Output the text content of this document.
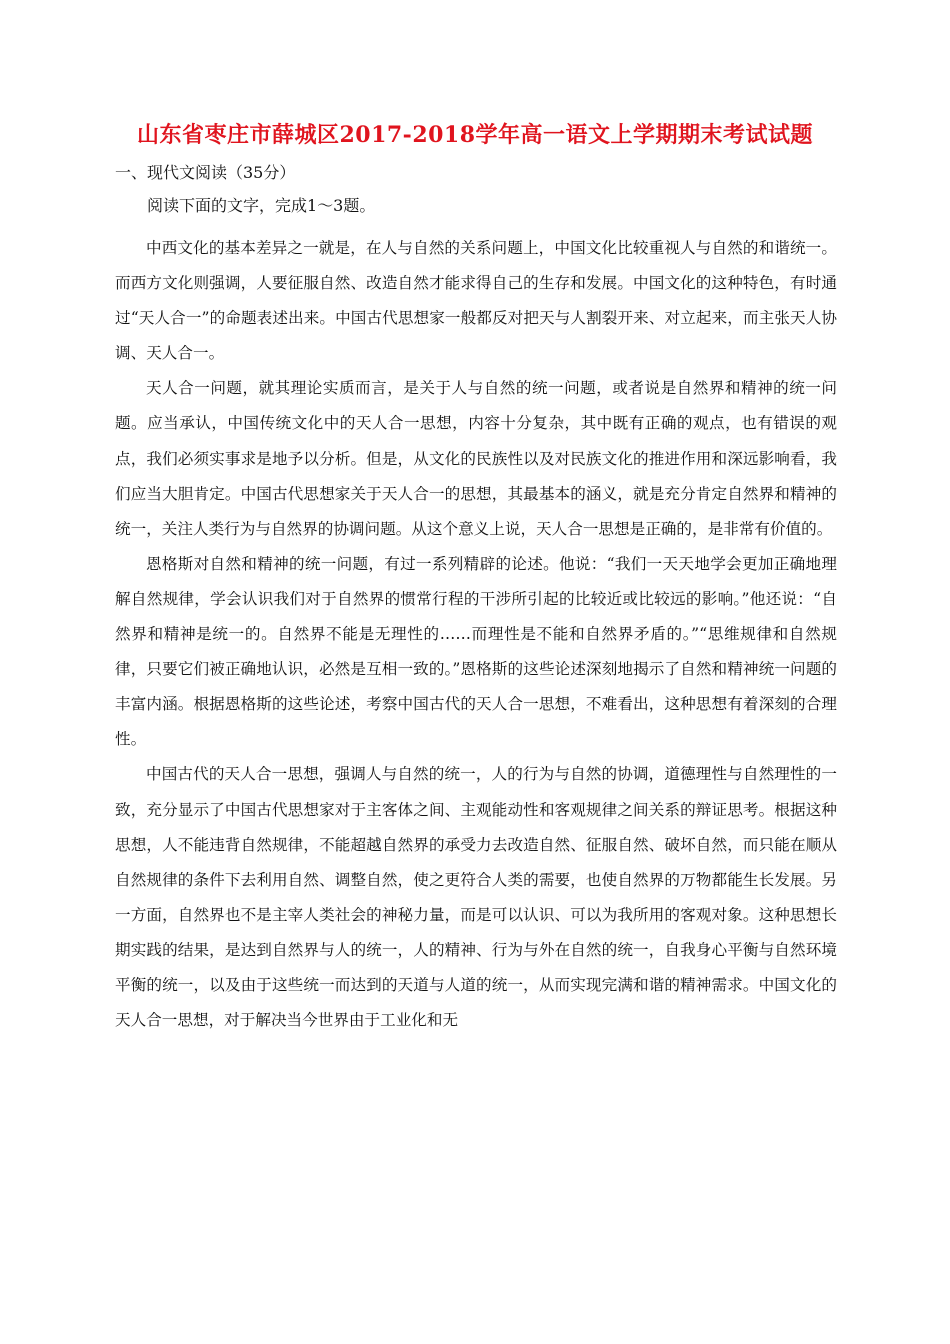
山东省枣庄市薛城区2017-2018学年高一语文上学期期末考试试题
一、现代文阅读（35分）
阅读下面的文字，完成1～3题。

中西文化的基本差异之一就是，在人与自然的关系问题上，中国文化比较重视人与自然的和谐统一。而西方文化则强调，人要征服自然、改造自然才能求得自己的生存和发展。中国文化的这种特色，有时通过“天人合一”的命题表述出来。中国古代思想家一般都反对把天与人割裂开来、对立起来，而主张天人协调、天人合一。

天人合一问题，就其理论实质而言，是关于人与自然的统一问题，或者说是自然界和精神的统一问题。应当承认，中国传统文化中的天人合一思想，内容十分复杂，其中既有正确的观点，也有错误的观点，我们必须实事求是地予以分析。但是，从文化的民族性以及对民族文化的推进作用和深远影响看，我们应当大胆肯定。中国古代思想家关于天人合一的思想，其最基本的涵义，就是充分肯定自然界和精神的统一，关注人类行为与自然界的协调问题。从这个意义上说，天人合一思想是正确的，是非常有价值的。

恩格斯对自然和精神的统一问题，有过一系列精辟的论述。他说：“我们一天天地学会更加正确地理解自然规律，学会认识我们对于自然界的惯常行程的干涉所引起的比较近或比较远的影响。”他还说：“自然界和精神是统一的。自然界不能是无理性的……而理性是不能和自然界矛盾的。”“思维规律和自然规律，只要它们被正确地认识，必然是互相一致的。”恩格斯的这些论述深刻地揭示了自然和精神统一问题的丰富内涵。根据恩格斯的这些论述，考察中国古代的天人合一思想，不难看出，这种思想有着深刻的合理性。

中国古代的天人合一思想，强调人与自然的统一，人的行为与自然的协调，道德理性与自然理性的一致，充分显示了中国古代思想家对于主客体之间、主观能动性和客观规律之间关系的辩证思考。根据这种思想，人不能违背自然规律，不能超越自然界的承受力去改造自然、征服自然、破坏自然，而只能在顺从自然规律的条件下去利用自然、调整自然，使之更符合人类的需要，也使自然界的万物都能生长发展。另一方面，自然界也不是主宰人类社会的神秘力量，而是可以认识、可以为我所用的客观对象。这种思想长期实践的结果，是达到自然界与人的统一，人的精神、行为与外在自然的统一，自我身心平衡与自然环境平衡的统一，以及由于这些统一而达到的天道与人道的统一，从而实现完满和谐的精神需求。中国文化的天人合一思想，对于解决当今世界由于工业化和无
